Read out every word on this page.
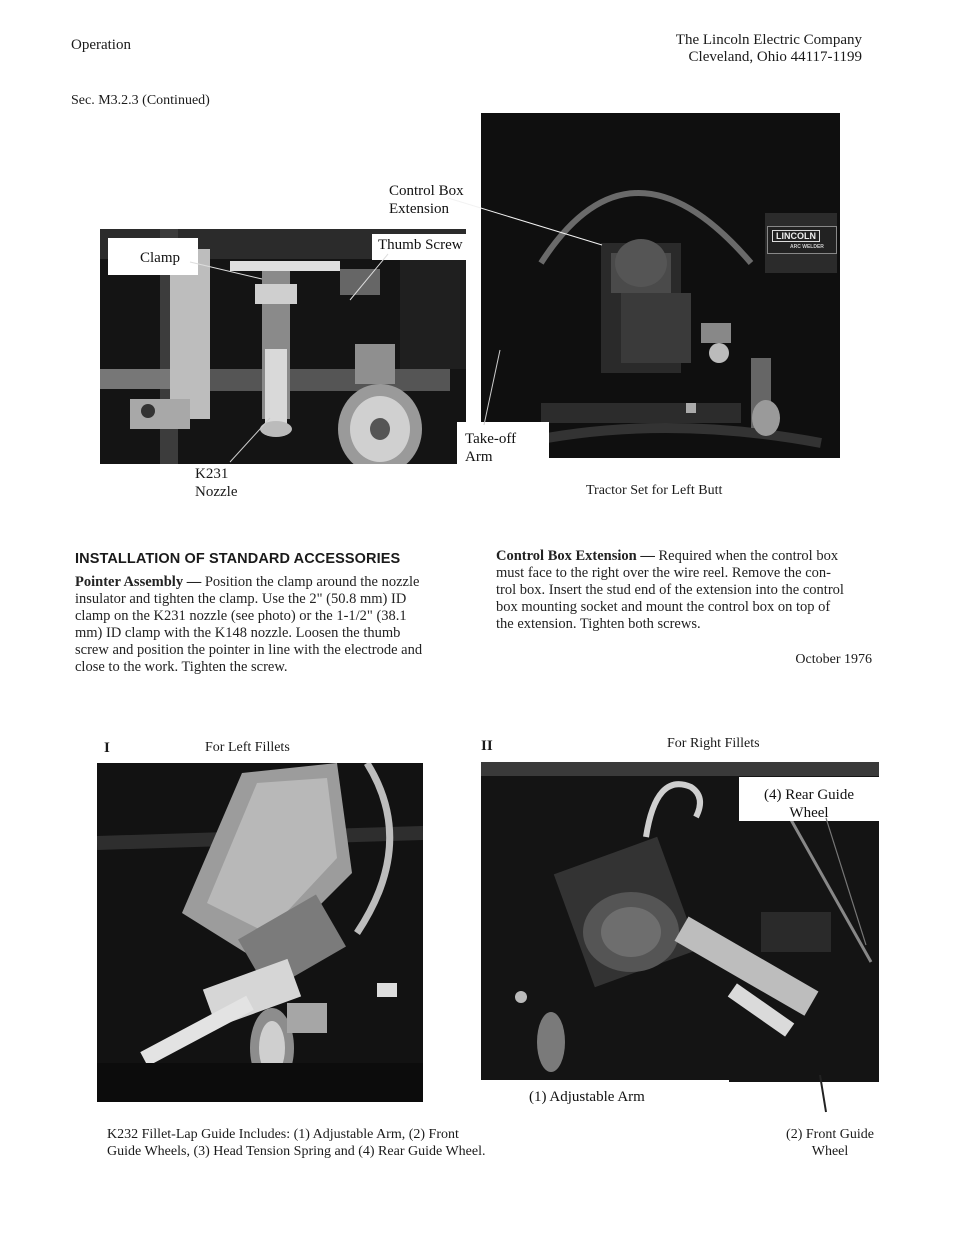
Operation	The Lincoln Electric Company
Cleveland, Ohio 44117-1199
Sec. M3.2.3 (Continued)
Clamp
Thumb Screw
LINCOLN
ARC WELDER
Control Box
Extension
Take-off
Arm
K231
Nozzle	Tractor Set for Left Butt
INSTALLATION OF STANDARD ACCESSORIES
Pointer Assembly — Position the clamp around the nozzle
insulator and tighten the clamp. Use the 2" (50.8 mm) ID
clamp on the K231 nozzle (see photo) or the 1-1/2" (38.1
mm) ID clamp with the K148 nozzle. Loosen the thumb
screw and position the pointer in line with the electrode and
close to the work. Tighten the screw.
Control Box Extension — Required when the control box
must face to the right over the wire reel. Remove the con-
trol box. Insert the stud end of the extension into the control
box mounting socket and mount the control box on top of
the extension. Tighten both screws.
October 1976
I	For Left Fillets	II	For Right Fillets
(4) Rear Guide
Wheel
(1) Adjustable Arm
K232 Fillet-Lap Guide Includes: (1) Adjustable Arm, (2) Front
Guide Wheels, (3) Head Tension Spring and (4) Rear Guide Wheel.
(2) Front Guide
Wheel
